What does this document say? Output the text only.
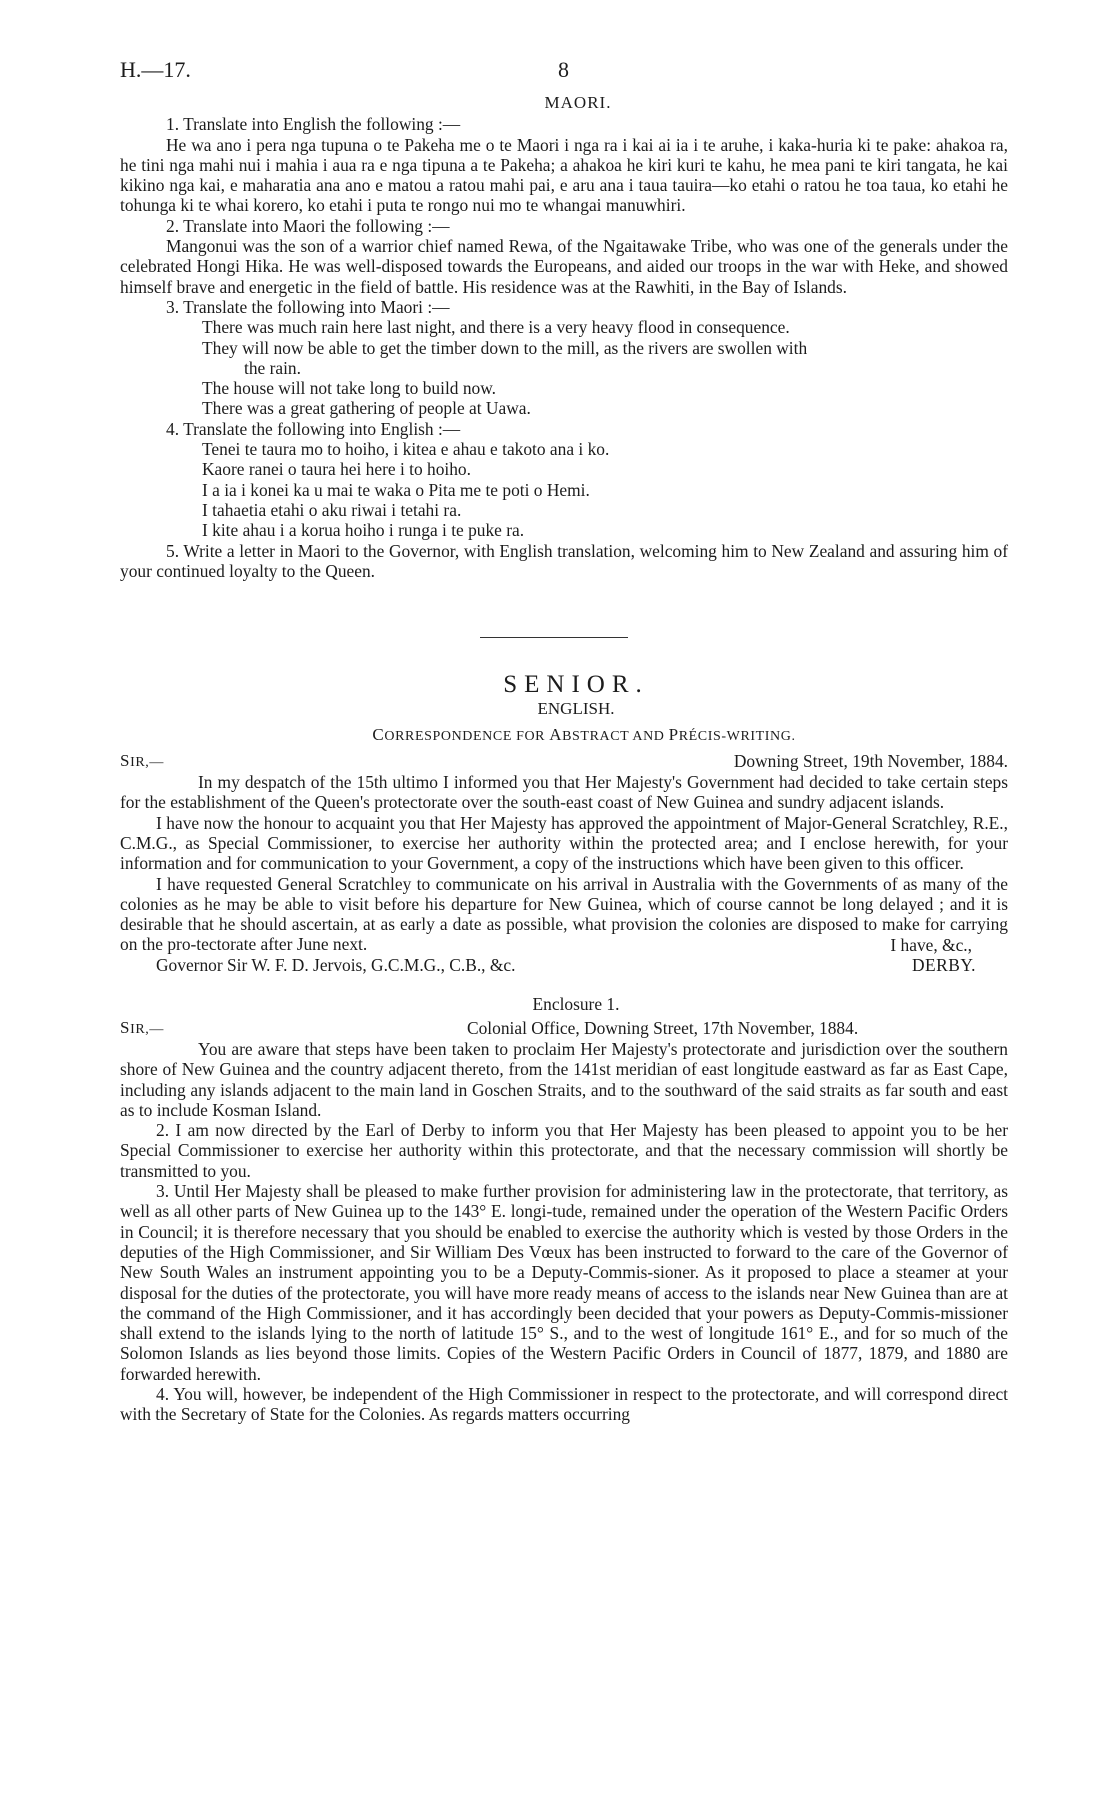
H.—17.	8
MAORI.

1. Translate into English the following :—

He wa ano i pera nga tupuna o te Pakeha me o te Maori i nga ra i kai ai ia i te aruhe, i kaka-huria ki te pake: ahakoa ra, he tini nga mahi nui i mahia i aua ra e nga tipuna a te Pakeha; a ahakoa he kiri kuri te kahu, he mea pani te kiri tangata, he kai kikino nga kai, e maharatia ana ano e matou a ratou mahi pai, e aru ana i taua tauira—ko etahi o ratou he toa taua, ko etahi he tohunga ki te whai korero, ko etahi i puta te rongo nui mo te whangai manuwhiri.

2. Translate into Maori the following :—

Mangonui was the son of a warrior chief named Rewa, of the Ngaitawake Tribe, who was one of the generals under the celebrated Hongi Hika. He was well-disposed towards the Europeans, and aided our troops in the war with Heke, and showed himself brave and energetic in the field of battle. His residence was at the Rawhiti, in the Bay of Islands.

3. Translate the following into Maori :—

There was much rain here last night, and there is a very heavy flood in consequence.

They will now be able to get the timber down to the mill, as the rivers are swollen with

the rain.

The house will not take long to build now.

There was a great gathering of people at Uawa.

4. Translate the following into English :—

Tenei te taura mo to hoiho, i kitea e ahau e takoto ana i ko.

Kaore ranei o taura hei here i to hoiho.

I a ia i konei ka u mai te waka o Pita me te poti o Hemi.

I tahaetia etahi o aku riwai i tetahi ra.

I kite ahau i a korua hoiho i runga i te puke ra.

5. Write a letter in Maori to the Governor, with English translation, welcoming him to New Zealand and assuring him of your continued loyalty to the Queen.

SENIOR.
ENGLISH.
CORRESPONDENCE FOR ABSTRACT AND PRÉCIS-WRITING.
SIR,—	Downing Street, 19th November, 1884.

In my despatch of the 15th ultimo I informed you that Her Majesty's Government had decided to take certain steps for the establishment of the Queen's protectorate over the south-east coast of New Guinea and sundry adjacent islands.

I have now the honour to acquaint you that Her Majesty has approved the appointment of Major-General Scratchley, R.E., C.M.G., as Special Commissioner, to exercise her authority within the protected area; and I enclose herewith, for your information and for communication to your Government, a copy of the instructions which have been given to this officer.

I have requested General Scratchley to communicate on his arrival in Australia with the Governments of as many of the colonies as he may be able to visit before his departure for New Guinea, which of course cannot be long delayed ; and it is desirable that he should ascertain, at as early a date as possible, what provision the colonies are disposed to make for carrying on the pro-tectorate after June next.	I have, &c.,
Governor Sir W. F. D. Jervois, G.C.M.G., C.B., &c.	DERBY.
Enclosure 1.
SIR,—	Colonial Office, Downing Street, 17th November, 1884.

You are aware that steps have been taken to proclaim Her Majesty's protectorate and jurisdiction over the southern shore of New Guinea and the country adjacent thereto, from the 141st meridian of east longitude eastward as far as East Cape, including any islands adjacent to the main land in Goschen Straits, and to the southward of the said straits as far south and east as to include Kosman Island.

2. I am now directed by the Earl of Derby to inform you that Her Majesty has been pleased to appoint you to be her Special Commissioner to exercise her authority within this protectorate, and that the necessary commission will shortly be transmitted to you.

3. Until Her Majesty shall be pleased to make further provision for administering law in the protectorate, that territory, as well as all other parts of New Guinea up to the 143° E. longi-tude, remained under the operation of the Western Pacific Orders in Council; it is therefore necessary that you should be enabled to exercise the authority which is vested by those Orders in the deputies of the High Commissioner, and Sir William Des Vœux has been instructed to forward to the care of the Governor of New South Wales an instrument appointing you to be a Deputy-Commis-sioner. As it proposed to place a steamer at your disposal for the duties of the protectorate, you will have more ready means of access to the islands near New Guinea than are at the command of the High Commissioner, and it has accordingly been decided that your powers as Deputy-Commis-missioner shall extend to the islands lying to the north of latitude 15° S., and to the west of longitude 161° E., and for so much of the Solomon Islands as lies beyond those limits. Copies of the Western Pacific Orders in Council of 1877, 1879, and 1880 are forwarded herewith.

4. You will, however, be independent of the High Commissioner in respect to the protectorate, and will correspond direct with the Secretary of State for the Colonies. As regards matters occurring
